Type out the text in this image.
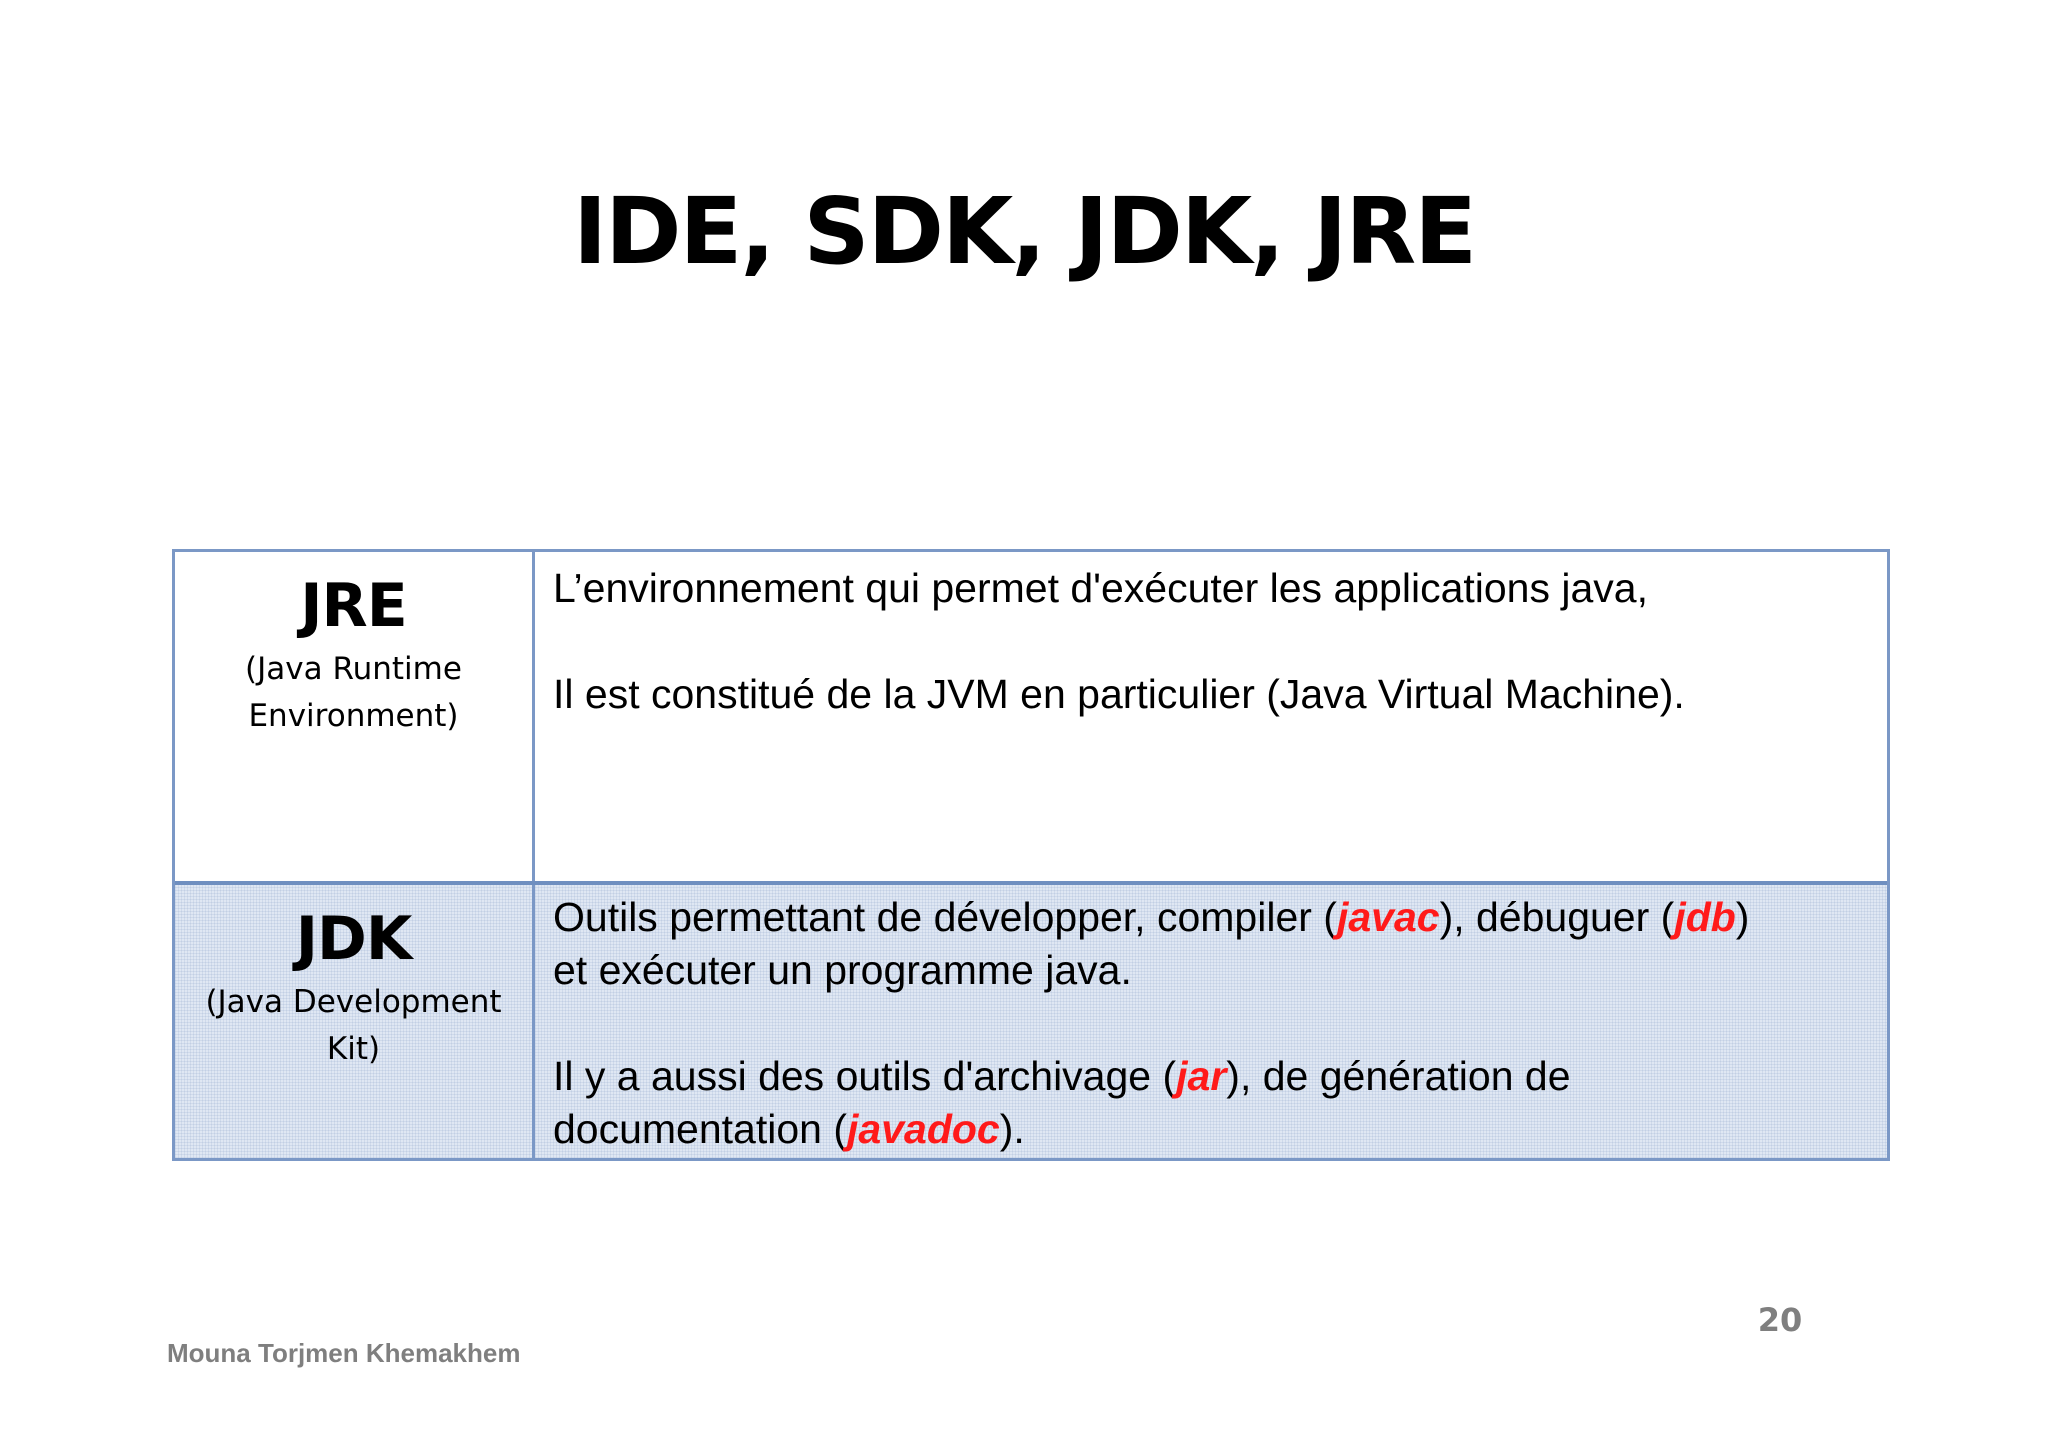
IDE, SDK, JDK, JRE
JRE
(Java Runtime Environment)
L’environnement qui permet d'exécuter les applications java,
Il est constitué de la JVM en particulier (Java Virtual Machine).
JDK
(Java Development Kit)
Outils permettant de développer, compiler (javac), débuguer (jdb)
et exécuter un programme java.
Il y a aussi des outils d'archivage (jar), de génération de
documentation (javadoc).
20
Mouna Torjmen Khemakhem
